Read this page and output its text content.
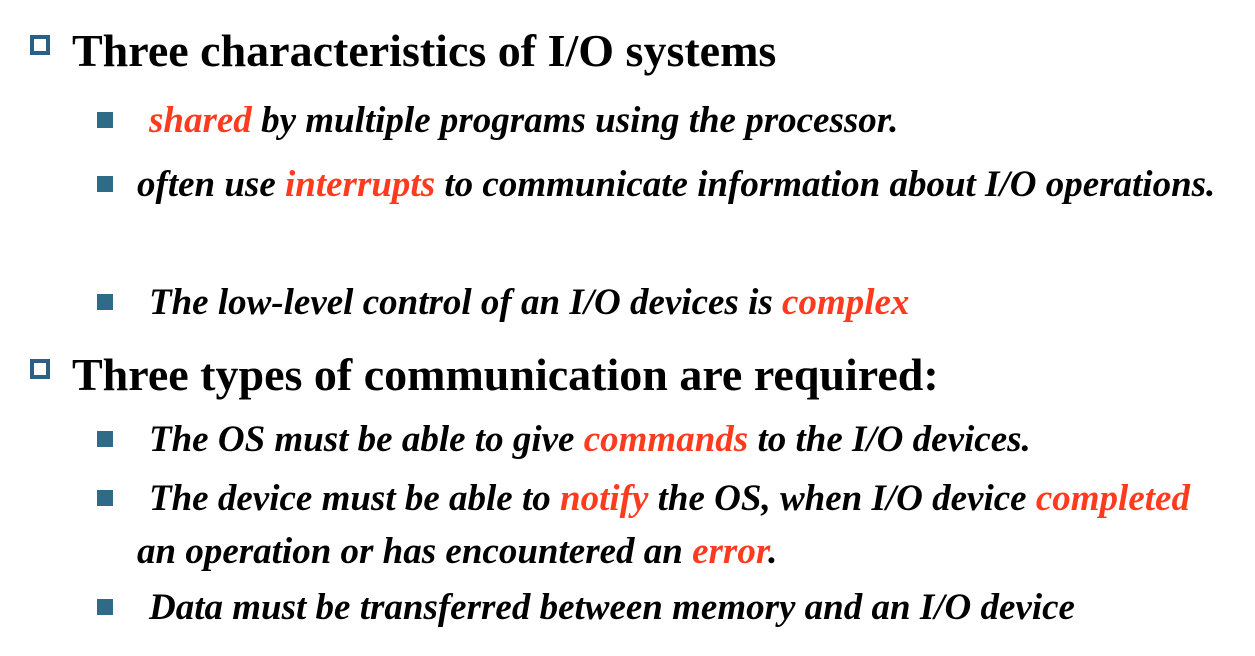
Three characteristics of I/O systems
shared by multiple programs using the processor.
often use interrupts to communicate information about I/O operations.
The low-level control of an I/O devices is complex
Three types of communication are required:
The OS must be able to give commands to the I/O devices.
The device must be able to notify the OS, when I/O device completed an operation or has encountered an error.
Data must be transferred between memory and an I/O device
